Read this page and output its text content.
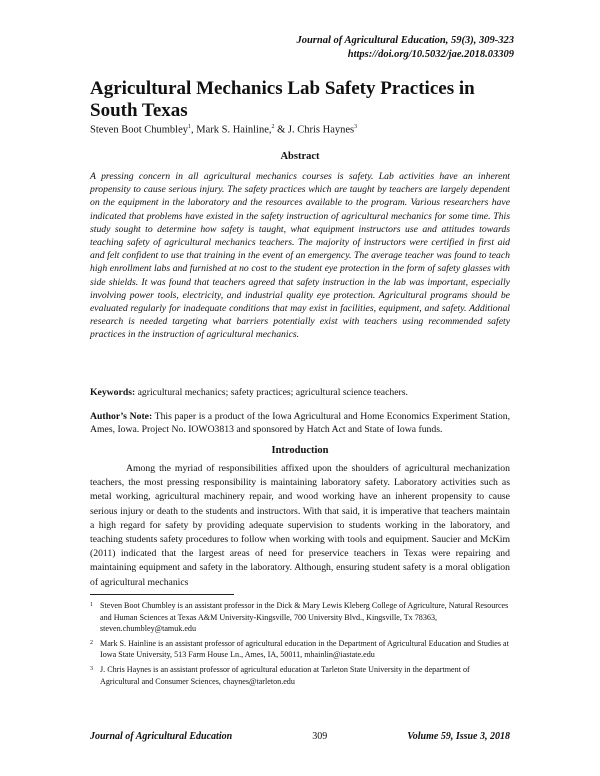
Journal of Agricultural Education, 59(3), 309-323
https://doi.org/10.5032/jae.2018.03309
Agricultural Mechanics Lab Safety Practices in South Texas
Steven Boot Chumbley$^1$, Mark S. Hainline,$^2$ & J. Chris Haynes$^3$
Abstract

A pressing concern in all agricultural mechanics courses is safety. Lab activities have an inherent propensity to cause serious injury. The safety practices which are taught by teachers are largely dependent on the equipment in the laboratory and the resources available to the program. Various researchers have indicated that problems have existed in the safety instruction of agricultural mechanics for some time. This study sought to determine how safety is taught, what equipment instructors use and attitudes towards teaching safety of agricultural mechanics teachers. The majority of instructors were certified in first aid and felt confident to use that training in the event of an emergency. The average teacher was found to teach high enrollment labs and furnished at no cost to the student eye protection in the form of safety glasses with side shields. It was found that teachers agreed that safety instruction in the lab was important, especially involving power tools, electricity, and industrial quality eye protection. Agricultural programs should be evaluated regularly for inadequate conditions that may exist in facilities, equipment, and safety. Additional research is needed targeting what barriers potentially exist with teachers using recommended safety practices in the instruction of agricultural mechanics.

Keywords: agricultural mechanics; safety practices; agricultural science teachers.

Author’s Note: This paper is a product of the Iowa Agricultural and Home Economics Experiment Station, Ames, Iowa. Project No. IOWO3813 and sponsored by Hatch Act and State of Iowa funds.

Introduction

Among the myriad of responsibilities affixed upon the shoulders of agricultural mechanization teachers, the most pressing responsibility is maintaining laboratory safety. Laboratory activities such as metal working, agricultural machinery repair, and wood working have an inherent propensity to cause serious injury or death to the students and instructors. With that said, it is imperative that teachers maintain a high regard for safety by providing adequate supervision to students working in the laboratory, and teaching students safety procedures to follow when working with tools and equipment. Saucier and McKim (2011) indicated that the largest areas of need for preservice teachers in Texas were repairing and maintaining equipment and safety in the laboratory. Although, ensuring student safety is a moral obligation of agricultural mechanics

1 Steven Boot Chumbley is an assistant professor in the Dick & Mary Lewis Kleberg College of Agriculture, Natural Resources and Human Sciences at Texas A&M University-Kingsville, 700 University Blvd., Kingsville, Tx 78363, steven.chumbley@tamuk.edu

2 Mark S. Hainline is an assistant professor of agricultural education in the Department of Agricultural Education and Studies at Iowa State University, 513 Farm House Ln., Ames, IA, 50011, mhainlin@iastate.edu

3 J. Chris Haynes is an assistant professor of agricultural education at Tarleton State University in the department of Agricultural and Consumer Sciences, chaynes@tarleton.edu

Journal of Agricultural Education	309	Volume 59, Issue 3, 2018
